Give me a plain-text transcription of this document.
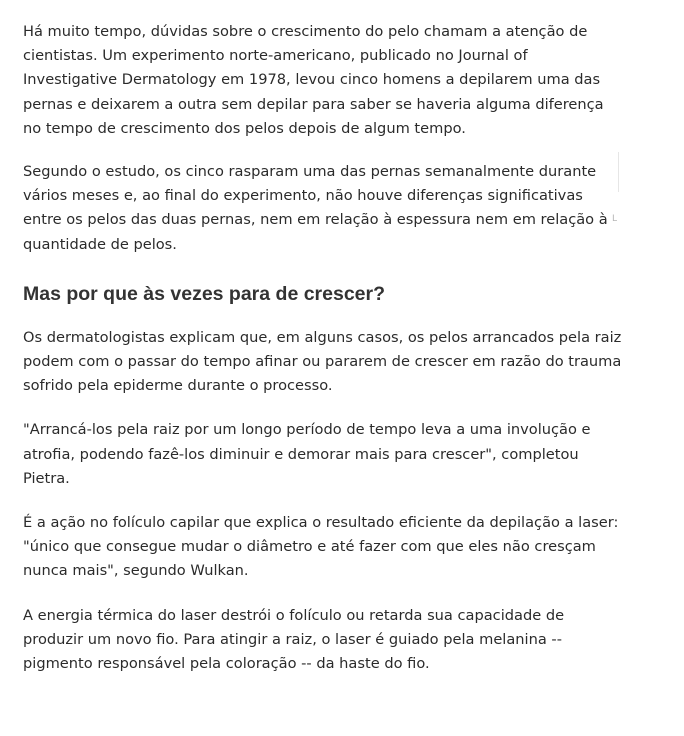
Há muito tempo, dúvidas sobre o crescimento do pelo chamam a atenção de cientistas. Um experimento norte-americano, publicado no Journal of Investigative Dermatology em 1978, levou cinco homens a depilarem uma das pernas e deixarem a outra sem depilar para saber se haveria alguma diferença no tempo de crescimento dos pelos depois de algum tempo.

Segundo o estudo, os cinco rasparam uma das pernas semanalmente durante vários meses e, ao final do experimento, não houve diferenças significativas entre os pelos das duas pernas, nem em relação à espessura nem em relação à quantidade de pelos.

Mas por que às vezes para de crescer?

Os dermatologistas explicam que, em alguns casos, os pelos arrancados pela raiz podem com o passar do tempo afinar ou pararem de crescer em razão do trauma sofrido pela epiderme durante o processo.

"Arrancá-los pela raiz por um longo período de tempo leva a uma involução e atrofia, podendo fazê-los diminuir e demorar mais para crescer", completou Pietra.

É a ação no folículo capilar que explica o resultado eficiente da depilação a laser: "único que consegue mudar o diâmetro e até fazer com que eles não cresçam nunca mais", segundo Wulkan.

A energia térmica do laser destrói o folículo ou retarda sua capacidade de produzir um novo fio. Para atingir a raiz, o laser é guiado pela melanina -- pigmento responsável pela coloração -- da haste do fio.

L
